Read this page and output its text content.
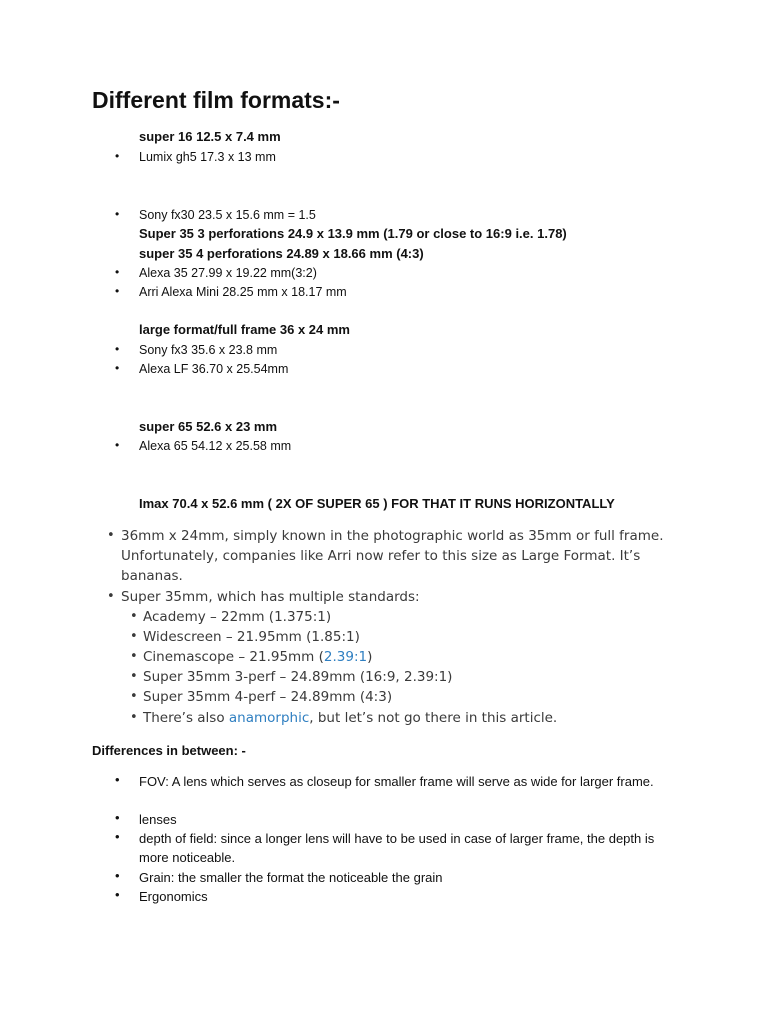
Different film formats:-
super 16 12.5 x 7.4 mm
• Lumix gh5 17.3 x 13 mm
• Sony fx30 23.5 x 15.6 mm = 1.5
Super 35 3 perforations 24.9 x 13.9 mm (1.79 or close to 16:9 i.e. 1.78)
super 35 4 perforations 24.89 x 18.66 mm (4:3)
• Alexa 35 27.99 x 19.22 mm(3:2)
• Arri Alexa Mini 28.25 mm x 18.17 mm
large format/full frame 36 x 24 mm
• Sony fx3 35.6 x 23.8 mm
• Alexa LF 36.70 x 25.54mm
super 65 52.6 x 23 mm
• Alexa 65 54.12 x 25.58 mm
Imax 70.4 x 52.6 mm ( 2X OF SUPER 65 ) FOR THAT IT RUNS HORIZONTALLY
• 36mm x 24mm, simply known in the photographic world as 35mm or full frame.
Unfortunately, companies like Arri now refer to this size as Large Format. It’s
bananas.
• Super 35mm, which has multiple standards:
• Academy – 22mm (1.375:1)
• Widescreen – 21.95mm (1.85:1)
• Cinemascope – 21.95mm (2.39:1)
• Super 35mm 3-perf – 24.89mm (16:9, 2.39:1)
• Super 35mm 4-perf – 24.89mm (4:3)
• There’s also anamorphic, but let’s not go there in this article.
Differences in between: -
• FOV: A lens which serves as closeup for smaller frame will serve as wide for larger frame.
• lenses
• depth of field: since a longer lens will have to be used in case of larger frame, the depth is more noticeable.
• Grain: the smaller the format the noticeable the grain
• Ergonomics
